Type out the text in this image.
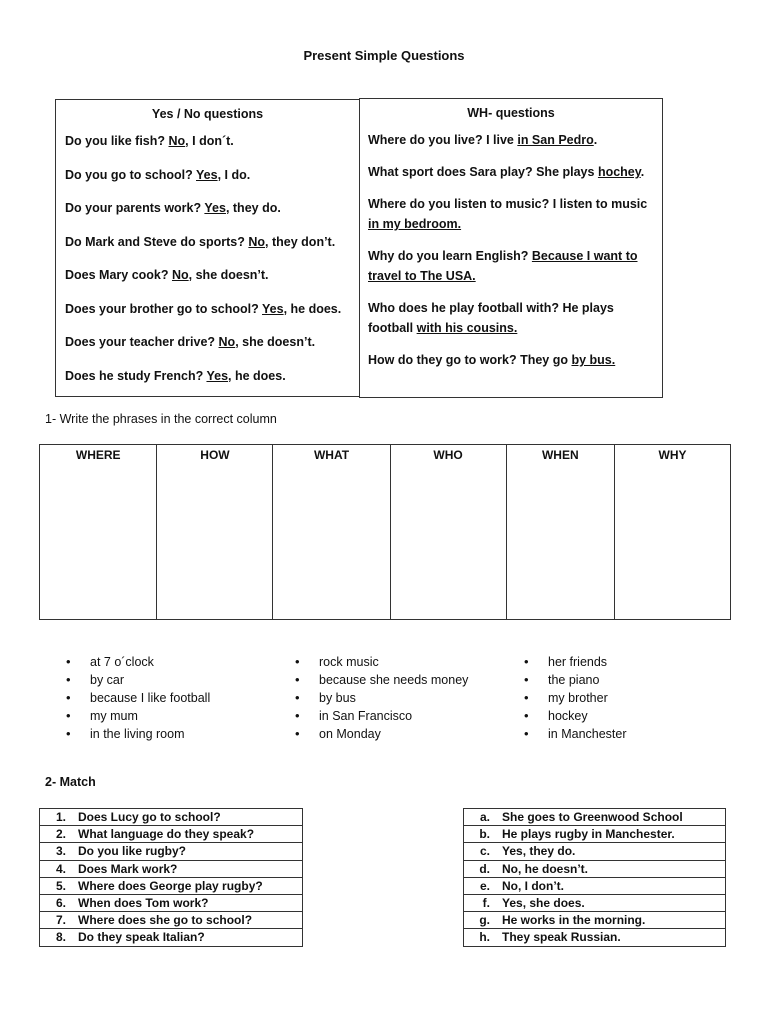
Present Simple Questions
Yes / No questions
Do you like fish? No, I don´t.
Do you go to school? Yes, I do.
Do your parents work? Yes, they do.
Do Mark and Steve do sports? No, they don’t.
Does Mary cook? No, she doesn’t.
Does your brother go to school? Yes, he does.
Does your teacher drive? No, she doesn’t.
Does he study French? Yes, he does.
WH- questions
Where do you live? I live in San Pedro.
What sport does Sara play? She plays hochey.
Where do you listen to music? I listen to music in my bedroom.
Why do you learn English? Because I want to travel to The USA.
Who does he play football with? He plays football with his cousins.
How do they go to work? They go by bus.
1- Write the phrases in the correct column
WHERE	HOW	WHAT	WHO	WHEN	WHY
• at 7 o´clock
• by car
• because I like football
• my mum
• in the living room
• rock music
• because she needs money
• by bus
• in San Francisco
• on Monday
• her friends
• the piano
• my brother
• hockey
• in Manchester
2- Match
1. Does Lucy go to school?
2. What language do they speak?
3. Do you like rugby?
4. Does Mark work?
5. Where does George play rugby?
6. When does Tom work?
7. Where does she go to school?
8. Do they speak Italian?
a. She goes to Greenwood School
b. He plays rugby in Manchester.
c. Yes, they do.
d. No, he doesn’t.
e. No, I don’t.
f. Yes, she does.
g. He works in the morning.
h. They speak Russian.
